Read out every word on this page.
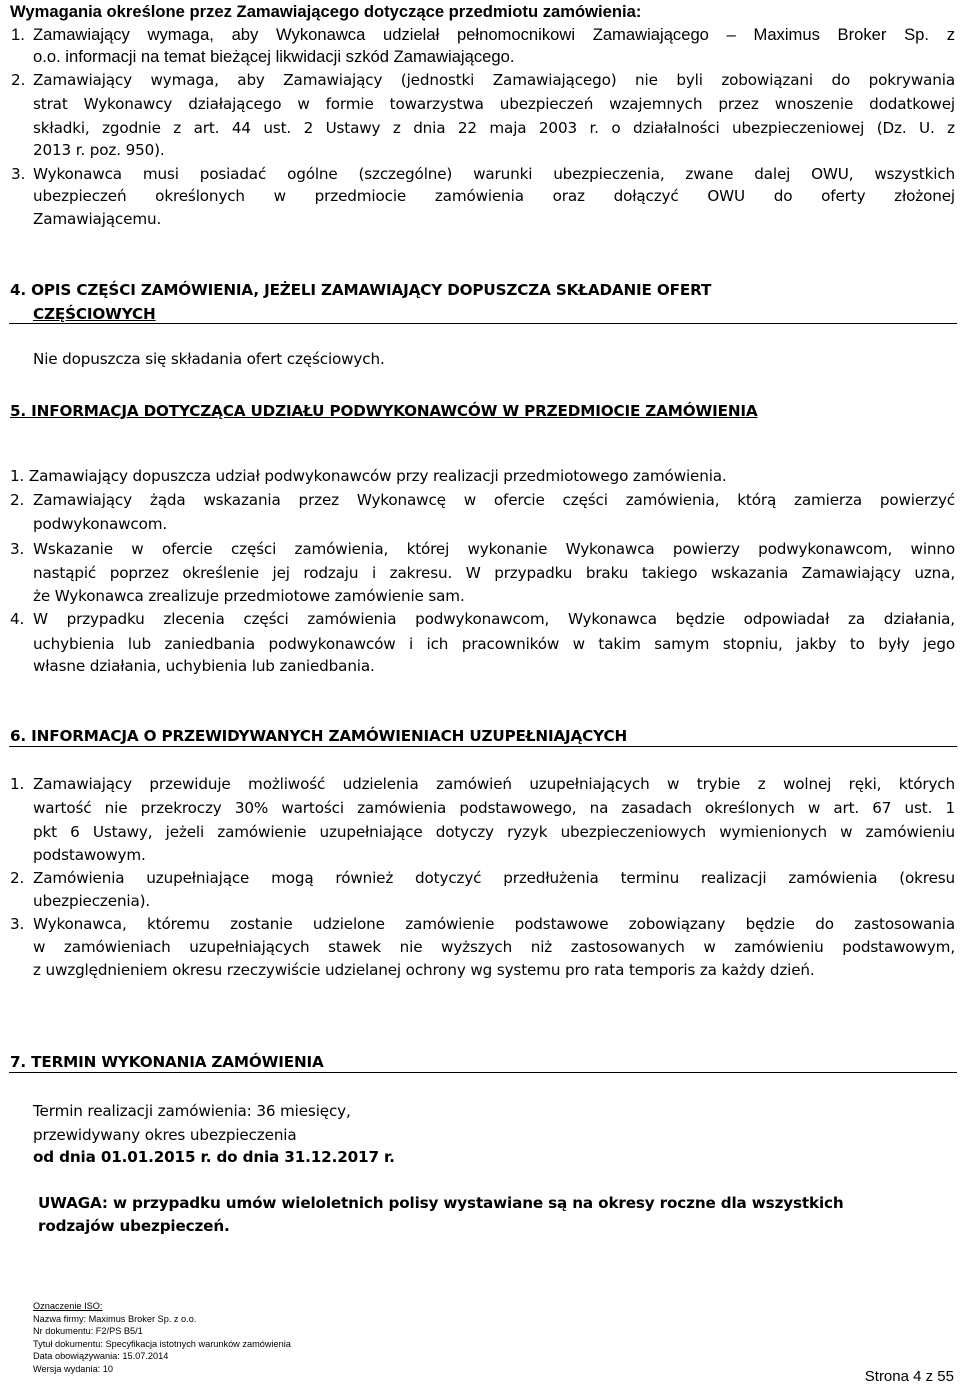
Wymagania określone przez Zamawiającego dotyczące przedmiotu zamówienia:
1. Zamawiający wymaga, aby Wykonawca udzielał pełnomocnikowi Zamawiającego – Maximus Broker Sp. z
o.o. informacji na temat bieżącej likwidacji szkód Zamawiającego.
2. Zamawiający wymaga, aby Zamawiający (jednostki Zamawiającego) nie byli zobowiązani do pokrywania
strat Wykonawcy działającego w formie towarzystwa ubezpieczeń wzajemnych przez wnoszenie dodatkowej
składki, zgodnie z art. 44 ust. 2 Ustawy z dnia 22 maja 2003 r. o działalności ubezpieczeniowej (Dz. U. z
2013 r. poz. 950).
3. Wykonawca musi posiadać ogólne (szczególne) warunki ubezpieczenia, zwane dalej OWU, wszystkich
ubezpieczeń określonych w przedmiocie zamówienia oraz dołączyć OWU do oferty złożonej
Zamawiającemu.
4. OPIS CZĘŚCI ZAMÓWIENIA, JEŻELI ZAMAWIAJĄCY DOPUSZCZA SKŁADANIE OFERT
CZĘŚCIOWYCH
Nie dopuszcza się składania ofert częściowych.
5. INFORMACJA DOTYCZĄCA UDZIAŁU PODWYKONAWCÓW W PRZEDMIOCIE ZAMÓWIENIA
1. Zamawiający dopuszcza udział podwykonawców przy realizacji przedmiotowego zamówienia.
2. Zamawiający żąda wskazania przez Wykonawcę w ofercie części zamówienia, którą zamierza powierzyć
podwykonawcom.
3. Wskazanie w ofercie części zamówienia, której wykonanie Wykonawca powierzy podwykonawcom, winno
nastąpić poprzez określenie jej rodzaju i zakresu. W przypadku braku takiego wskazania Zamawiający uzna,
że Wykonawca zrealizuje przedmiotowe zamówienie sam.
4. W przypadku zlecenia części zamówienia podwykonawcom, Wykonawca będzie odpowiadał za działania,
uchybienia lub zaniedbania podwykonawców i ich pracowników w takim samym stopniu, jakby to były jego
własne działania, uchybienia lub zaniedbania.
6. INFORMACJA O PRZEWIDYWANYCH ZAMÓWIENIACH UZUPEŁNIAJĄCYCH
1. Zamawiający przewiduje możliwość udzielenia zamówień uzupełniających w trybie z wolnej ręki, których
wartość nie przekroczy 30% wartości zamówienia podstawowego, na zasadach określonych w art. 67 ust. 1
pkt 6 Ustawy, jeżeli zamówienie uzupełniające dotyczy ryzyk ubezpieczeniowych wymienionych w zamówieniu
podstawowym.
2. Zamówienia uzupełniające mogą również dotyczyć przedłużenia terminu realizacji zamówienia (okresu
ubezpieczenia).
3. Wykonawca, któremu zostanie udzielone zamówienie podstawowe zobowiązany będzie do zastosowania
w zamówieniach uzupełniających stawek nie wyższych niż zastosowanych w zamówieniu podstawowym,
z uwzględnieniem okresu rzeczywiście udzielanej ochrony wg systemu pro rata temporis za każdy dzień.
7. TERMIN WYKONANIA ZAMÓWIENIA
Termin realizacji zamówienia: 36 miesięcy,
przewidywany okres ubezpieczenia
od dnia 01.01.2015 r. do dnia 31.12.2017 r.
UWAGA: w przypadku umów wieloletnich polisy wystawiane są na okresy roczne dla wszystkich
rodzajów ubezpieczeń.
Oznaczenie ISO:
Nazwa firmy: Maximus Broker Sp. z o.o.
Nr dokumentu: F2/PS B5/1
Tytuł dokumentu: Specyfikacja istotnych warunków zamówienia
Data obowiązywania: 15.07.2014
Wersja wydania: 10	Strona 4 z 55
